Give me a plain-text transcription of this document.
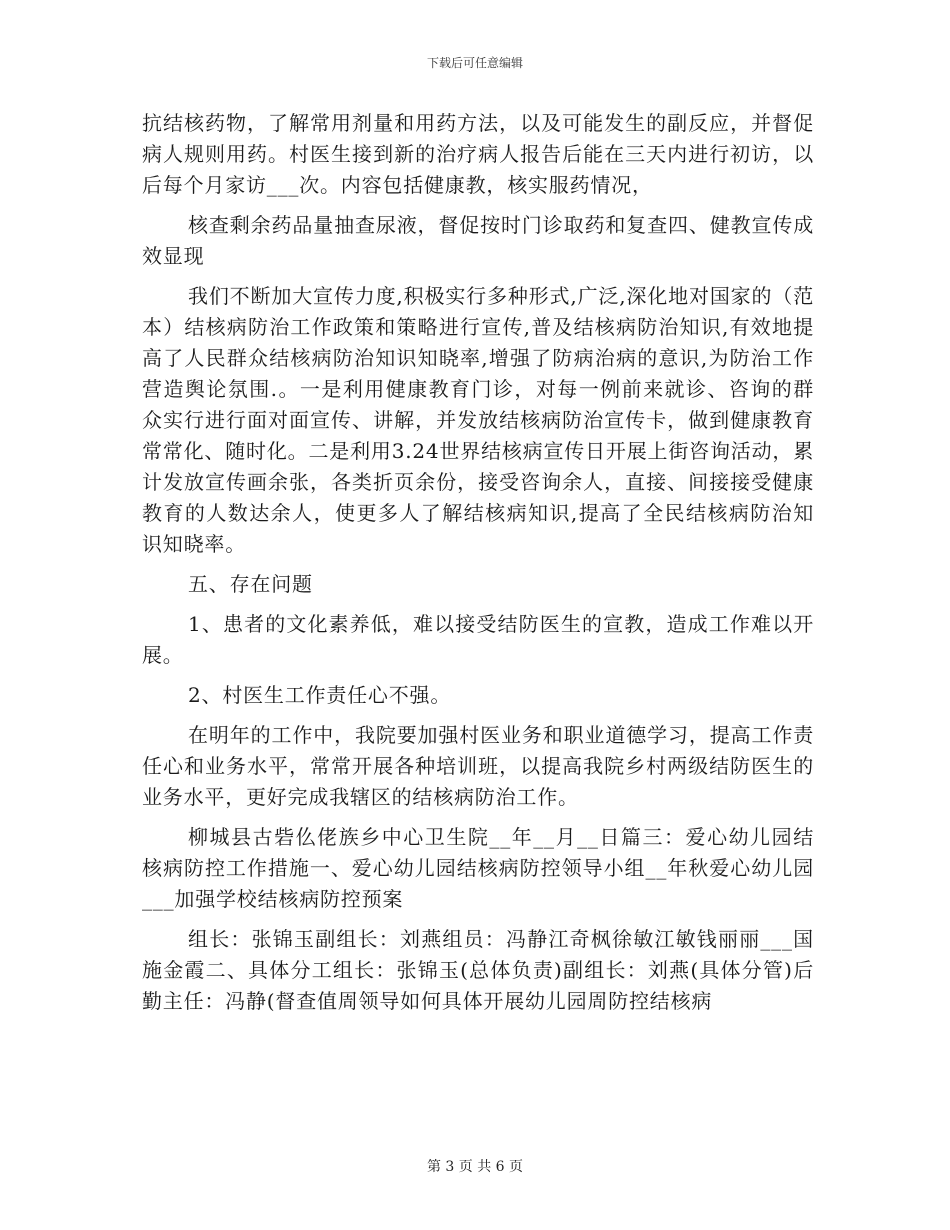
下载后可任意编辑

抗结核药物，了解常用剂量和用药方法，以及可能发生的副反应，并督促病人规则用药。村医生接到新的治疗病人报告后能在三天内进行初访，以后每个月家访___次。内容包括健康教，核实服药情况，

核查剩余药品量抽查尿液，督促按时门诊取药和复查四、健教宣传成效显现

我们不断加大宣传力度,积极实行多种形式,广泛,深化地对国家的（范本）结核病防治工作政策和策略进行宣传,普及结核病防治知识,有效地提高了人民群众结核病防治知识知晓率,增强了防病治病的意识,为防治工作营造舆论氛围.。一是利用健康教育门诊，对每一例前来就诊、咨询的群众实行进行面对面宣传、讲解，并发放结核病防治宣传卡，做到健康教育常常化、随时化。二是利用3.24世界结核病宣传日开展上街咨询活动，累计发放宣传画余张，各类折页余份，接受咨询余人，直接、间接接受健康教育的人数达余人，使更多人了解结核病知识,提高了全民结核病防治知识知晓率。

五、存在问题

1、患者的文化素养低，难以接受结防医生的宣教，造成工作难以开展。

2、村医生工作责任心不强。

在明年的工作中，我院要加强村医业务和职业道德学习，提高工作责任心和业务水平，常常开展各种培训班，以提高我院乡村两级结防医生的业务水平，更好完成我辖区的结核病防治工作。

柳城县古砦仫佬族乡中心卫生院__年__月__日篇三：爱心幼儿园结核病防控工作措施一、爱心幼儿园结核病防控领导小组__年秋爱心幼儿园___加强学校结核病防控预案

组长：张锦玉副组长：刘燕组员：冯静江奇枫徐敏江敏钱丽丽___国施金霞二、具体分工组长：张锦玉(总体负责)副组长：刘燕(具体分管)后勤主任：冯静(督查值周领导如何具体开展幼儿园周防控结核病

第 3 页 共 6 页
